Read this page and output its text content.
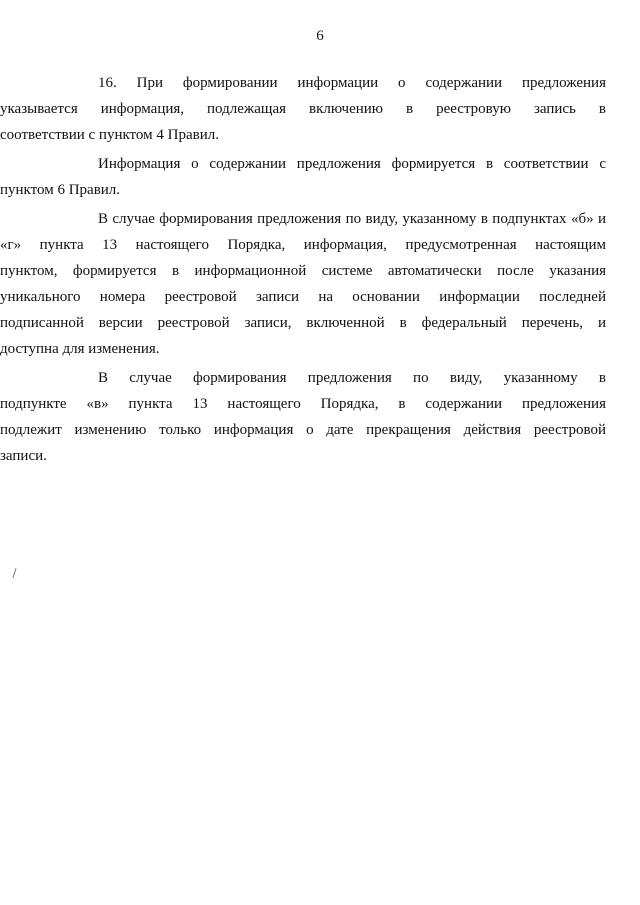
6
16. При формировании информации о содержании предложения
указывается информация, подлежащая включению в реестровую запись в
соответствии с пунктом 4 Правил.
Информация о содержании предложения формируется в соответствии с
пунктом 6 Правил.
В случае формирования предложения по виду, указанному в подпунктах «б» и
«г» пункта 13 настоящего Порядка, информация, предусмотренная настоящим
пунктом, формируется в информационной системе автоматически после указания
уникального номера реестровой записи на основании информации последней
подписанной версии реестровой записи, включенной в федеральный перечень, и
доступна для изменения.
В случае формирования предложения по виду, указанному в
подпункте «в» пункта 13 настоящего Порядка, в содержании предложения
подлежит изменению только информация о дате прекращения действия реестровой
записи.
